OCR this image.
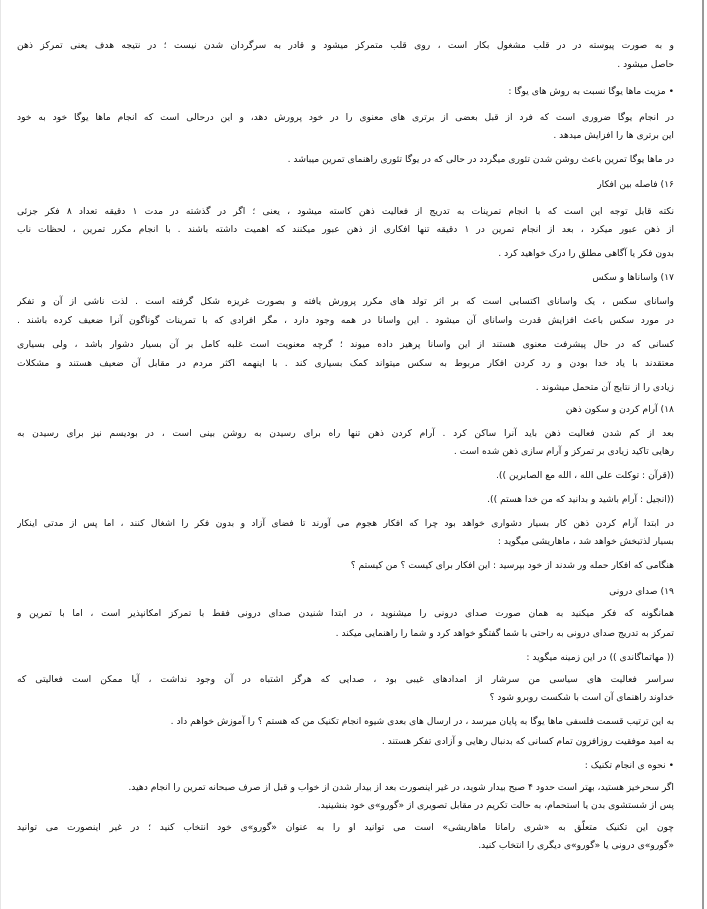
و به صورت پیوسته در در قلب مشغول بکار است ، روی قلب متمرکز میشود و قادر به سرگردان شدن نیست ؛ در نتیجه هدف یعنی تمرکز ذهن
حاصل میشود .
• مزیت ماها یوگا نسبت به روش های یوگا :
در انجام یوگا ضروری است که فرد از قبل بعضی از برتری های معنوی را در خود پرورش دهد، و این درحالی است که انجام ماها یوگا خود به خود
این برتری ها را افزایش میدهد .
در ماها یوگا تمرین باعث روشن شدن تئوری میگردد در حالی که در یوگا تئوری راهنمای تمرین میباشد .
۱۶) فاصله بین افکار
نکته قابل توجه این است که با انجام تمرینات به تدریج از فعالیت ذهن کاسته میشود ، یعنی ؛ اگر در گذشته در مدت ۱ دقیقه تعداد ۸ فکر جزئی
از ذهن عبور میکرد ، بعد از انجام تمرین در ۱ دقیقه تنها افکاری از ذهن عبور میکنند که اهمیت داشته باشند . با انجام مکرر تمرین ، لحظات ناب
بدون فکر یا آگاهی مطلق را درک خواهید کرد .
۱۷) واساناها و سکس
واساناى سکس ، یک واساناى اکتسابی است که بر اثر تولد های مکرر پرورش یافته و بصورت غریزه شکل گرفته است . لذت ناشی از آن و تفکر
در مورد سکس باعث افزایش قدرت واساناى آن میشود . این واسانا در همه وجود دارد ، مگر افرادی که با تمرینات گوناگون آنرا ضعیف کرده باشند .
کسانی که در حال پیشرفت معنوی هستند از این واسانا پرهیز داده میوند ؛ گرچه معنویت است غلبه کامل بر آن بسیار دشوار باشد ، ولی بسیاری
معتقدند با یاد خدا بودن و رد کردن افکار مربوط به سکس میتواند کمک بسیاری کند . با اینهمه اکثر مردم در مقابل آن ضعیف هستند و مشکلات
زیادی را از نتایج آن متحمل میشوند .
۱۸) آرام کردن و سکون ذهن
بعد از کم شدن فعالیت ذهن باید آنرا ساکن کرد . آرام کردن ذهن تنها راه برای رسیدن به روشن بینی است ، در بودیسم نیز برای رسیدن به
رهایی تاکید زیادی بر تمرکز و آرام سازی ذهن شده است .
((قرآن : توکلت علی الله ، الله مع الصابرین )).
((انجیل : آرام باشید و بدانید که من خدا هستم )).
در ابتدا آرام کردن ذهن کار بسیار دشواری خواهد بود چرا که افکار هجوم می آورند تا فضای آزاد و بدون فکر را اشغال کنند ، اما پس از مدتی اینکار
بسیار لذتبخش خواهد شد ، ماهاریشی میگوید :
هنگامی که افکار حمله ور شدند از خود بپرسید : این افکار برای کیست ؟ من کیستم ؟
۱۹) صدای درونی
همانگونه که فکر میکنید به همان صورت صدای درونی را میشنوید ، در ابتدا شنیدن صدای درونی فقط با تمرکز امکانپذیر است ، اما با تمرین و
تمرکز به تدریج صدای درونی به راحتی با شما گفتگو خواهد کرد و شما را راهنمایی میکند .
(( مهاتماگاندی )) در این زمینه میگوید :
سراسر فعالیت های سیاسی من سرشار از امدادهای غیبی بود ، صدایی که هرگز اشتباه در آن وجود نداشت ، آیا ممکن است فعالیتی که
خداوند راهنمای آن است با شکست روبرو شود ؟
به این ترتیب قسمت فلسفی ماها یوگا به پایان میرسد ، در ارسال های بعدی شیوه انجام تکنیک من که هستم ؟ را آموزش خواهم داد .
به امید موفقیت روزافزون تمام کسانی که بدنبال رهایی و آزادی تفکر هستند .
• نحوه ی انجام تکنیک :
اگر سحرخیز هستید، بهتر است حدود ۴ صبح بیدار شوید، در غیر اینصورت بعد از بیدار شدن از خواب و قبل از صرف صبحانه تمرین را انجام دهید.
پس از شستشوی بدن یا استحمام، به حالت تکریم در مقابل تصویری از «گورو»ی خود بنشینید.
چون این تکنیک متعلّق به «شری راماتا ماهاریشی» است می توانید او را به عنوان «گورو»ی خود انتخاب کنید ؛ در غیر اینصورت می توانید
«گورو»ی درونی یا «گورو»ی دیگری را انتخاب کنید.
